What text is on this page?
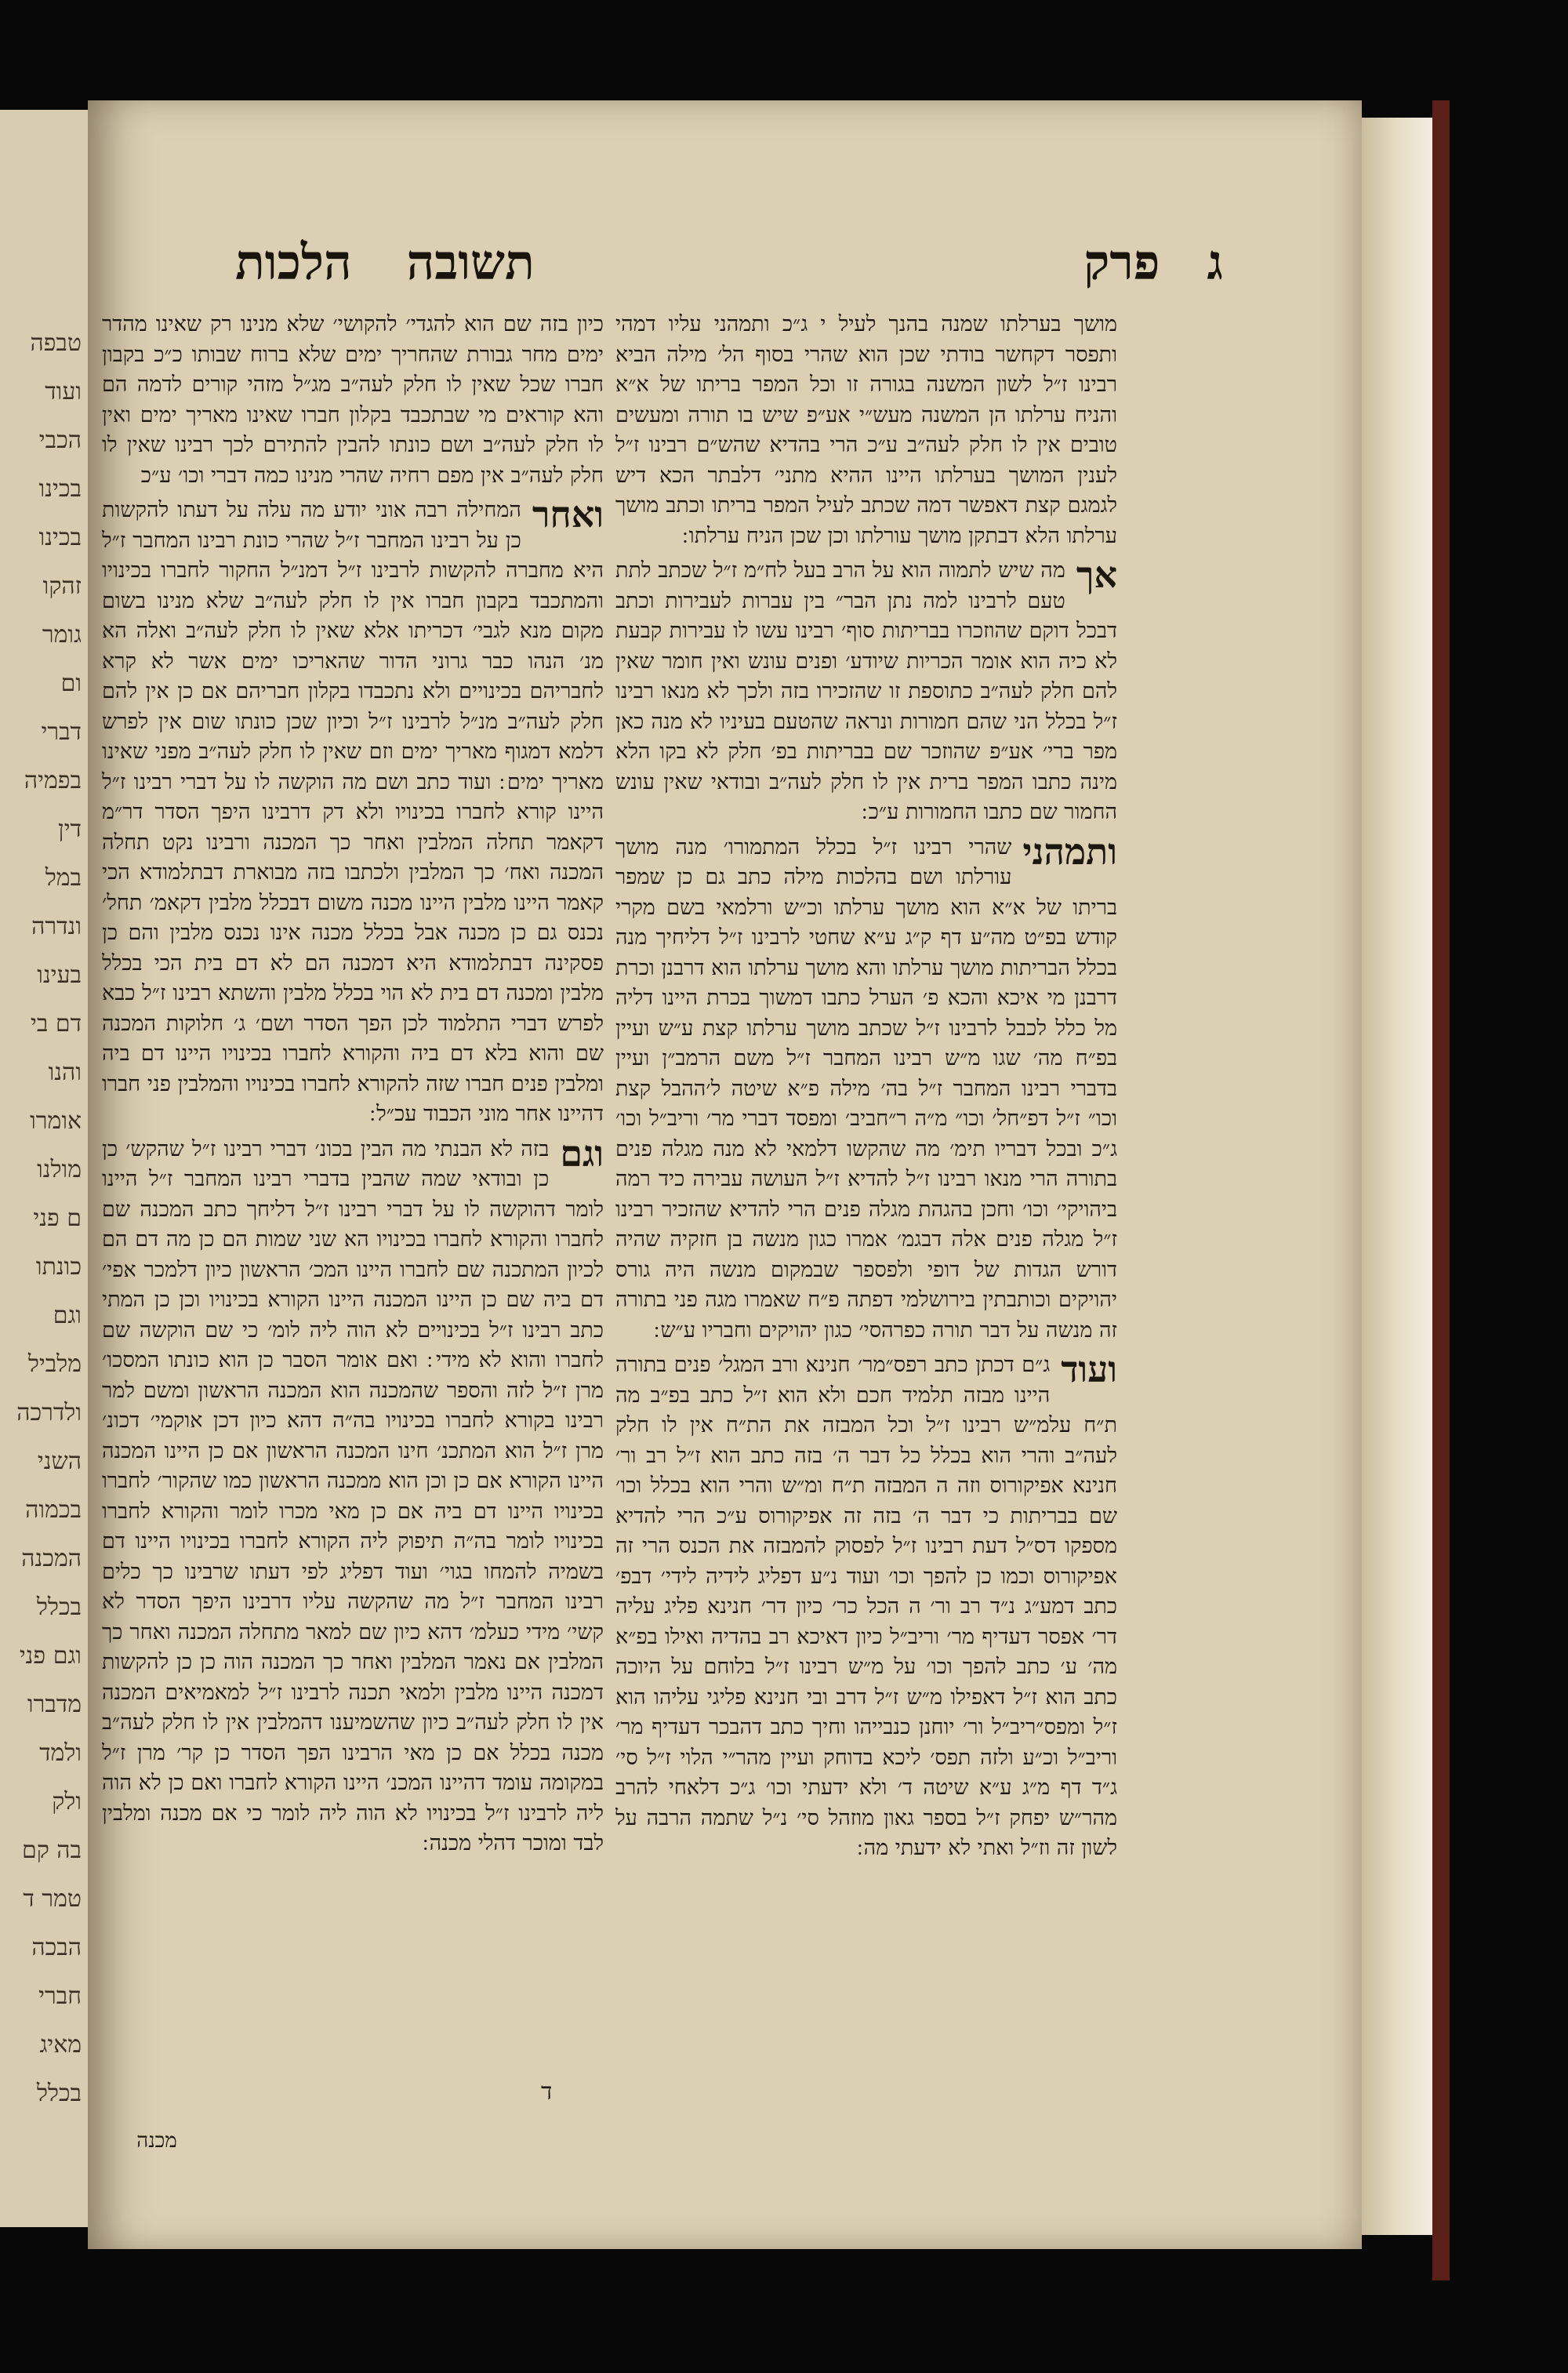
טבפה
ועוד
הכבי
בכינו
בכינו
זהקו
גומר
ום
דברי
בפמיה
דין
במל
ונדרה
בעינו
דם בי
והנו
אומרו
מולנו
ם פני
כונתו
וגם
מלביל
ולדרכה
השני
בכמוה
המכנה
בכלל
וגם פני
מדברו
ולמד
ולק
בה קם
טמר ד
הבכה
חברי
מאיג
בכלל
הלכות תשובה	פרק ג

מושך בערלתו שמנה בהנך לעיל י ג״כ ותמהני עליו דמהי ותפסר דקחשר בודתי שכן הוא שהרי בסוף הל׳ מילה הביא רבינו ז״ל לשון המשנה בגורה זו וכל המפר בריתו של א״א והניח ערלתו הן המשנה מעש״י אע״פ שיש בו תורה ומעשים טובים אין לו חלק לעה״ב ע״כ הרי בהדיא שהש״ם רבינו ז״ל לענין המושך בערלתו היינו ההיא מתני׳ דלבתר הכא דיש לגמגם קצת דאפשר דמה שכתב לעיל המפר בריתו וכתב מושך ערלתו הלא דבתקן מושך עורלתו וכן שכן הניח ערלתו ׃

אך
מה שיש לתמוה הוא על הרב בעל לח״מ ז״ל שכתב לתת טעם לרבינו למה נתן הבר״ בין עברות לעבירות וכתב דבכל דוקם שהוזכרו בבריתות סוף׳ רבינו עשו לו עבירות קבעת לא כיה הוא אומר הכריות שיודע׳ ופנים עונש ואין חומר שאין להם חלק לעה״ב כתוספת זו שהזכירו בזה ולכך לא מנאו רבינו ז״ל בכלל הני שהם חמורות ונראה שהטעם בעיניו לא מנה כאן מפר ברי׳ אע״פ שהוזכר שם בבריתות בפ׳ חלק לא בקו הלא מינה כתבו המפר ברית אין לו חלק לעה״ב ובודאי שאין עונש החמור שם כתבו החמורות ע״כ ׃

ותמהני
שהרי רבינו ז״ל בכלל המתמורו׳ מנה מושך עורלתו ושם בהלכות מילה כתב גם כן שמפר בריתו של א״א הוא מושך ערלתו וכ״ש ורלמאי בשם מקרי קודש בפ״ט מה״ע דף ק״ג ע״א שחטי לרבינו ז״ל דליחיך מנה בכלל הבריתות מושך ערלתו והא מושך ערלתו הוא דרבנן וכרת דרבנן מי איכא והכא פ׳ הערל כתבו דמשוך בכרת היינו דליה מל כלל לכבל לרבינו ז״ל שכתב מושך ערלתו קצת ע״ש ועיין בפ״ח מה׳ שגו מ״ש רבינו המחבר ז״ל משם הרמב״ן ועיין בדברי רבינו המחבר ז״ל בה׳ מילה פ״א שיטה ל׳ההבל קצת וכו״ ז״ל דפ״חל׳ וכו״ מ״ה ר״חביב׳ ומפסד דברי מר׳ וריב״ל וכו׳ ג״כ ובכל דבריו תימ׳ מה שהקשו דלמאי לא מנה מגלה פנים בתורה הרי מנאו רבינו ז״ל להדיא ז״ל העושה עבירה כיד רמה ביהויקי׳ וכו׳ וחכן בהגהת מגלה פנים הרי להדיא שהזכיר רבינו ז״ל מגלה פנים אלה דבגמ׳ אמרו כגון מנשה בן חזקיה שהיה דורש הגדות של דופי ולפספר שבמקום מנשה היה גורס יהויקים וכותבתין בירושלמי דפתה פ״ח שאמרו מגה פני בתורה זה מנשה על דבר תורה כפרהסי׳ כגון יהויקים וחבריו ע״ש ׃

ועוד
ג״ם דכתן כתב רפס״מר׳ חנינא ורב המגל׳ פנים בתורה היינו מבזה תלמיד חכם ולא הוא ז״ל כתב בפ״ב מה ת״ח עלמ״ש רבינו ז״ל וכל המבזה את הת״ח אין לו חלק לעה״ב והרי הוא בכלל כל דבר ה׳ בזה כתב הוא ז״ל רב ור׳ חנינא אפיקורוס וזה ה המבזה ת״ח ומ״ש והרי הוא בכלל וכו׳ שם בבריתות כי דבר ה׳ בזה זה אפיקורוס ע״כ הרי להדיא מספקו דס״ל דעת רבינו ז״ל לפסוק להמבזה את הכנס הרי זה אפיקורוס וכמו כן להפך וכו׳ ועוד נ״ע דפליג לידיה לידי׳ דבפ׳ כתב דמע״ג נ״ד רב ור׳ ה הכל כר׳ כיון דר׳ חנינא פליג עליה דר׳ אפסר דעדיף מר׳ וריב״ל כיון דאיכא רב בהדיה ואילו בפ״א מה׳ ע׳ כתב להפך וכו׳ על מ״ש רבינו ז״ל בלוחם על היוכה כתב הוא ז״ל דאפילו מ״ש ז״ל דרב ובי חנינא פליגי עליהו הוא ז״ל ומפס״ריב״ל ור׳ יוחנן כנבייהו וחיך כתב דהבכר דעדיף מר׳ וריב״ל וכ״ע ולזה תפס׳ ליכא בדוחק ועיין מהר״י הלוי ז״ל סי׳ ג״ד דף מ״ג ע״א שיטה ד׳ ולא ידעתי וכו׳ ג״כ דלאחי להרב מהר״ש יפחק ז״ל בספר גאון מוזהל סי׳ נ״ל שתמה הרבה על לשון זה וז״ל ואתי לא ידעתי מה ׃

כיון בזה שם הוא להגדי׳ להקושי׳ שלא מנינו רק שאינו מהדר ימים מחר גבורת שהחריך ימים שלא ברוח שבותו כ״כ בקבון חברו שכל שאין לו חלק לעה״ב מג״ל מזהי קורים לדמה הם והא קוראים מי שבתכבד בקלון חברו שאינו מאריך ימים ואין לו חלק לעה״ב ושם כונתו להבין להתירם לכך רבינו שאין לו חלק לעה״ב אין מפם רחיה שהרי מנינו כמה דברי וכו׳ ע״כ

ואחר
המחילה רבה אוני יודע מה עלה על דעתו להקשות כן על רבינו המחבר ז״ל שהרי כונת רבינו המחבר ז״ל היא מחברה להקשות לרבינו ז״ל דמנ״ל החקור לחברו בכינויו והמתכבד בקבון חברו אין לו חלק לעה״ב שלא מנינו בשום מקום מנא לגבי׳ דכריתו אלא שאין לו חלק לעה״ב ואלה הא מנ׳ הנהו כבר גרוני הדור שהאריכו ימים אשר לא קרא לחבריהם בכינויים ולא נתכבדו בקלון חבריהם אם כן אין להם חלק לעה״ב מנ״ל לרבינו ז״ל וכיון שכן כונתו שום אין לפרש דלמא דמגוף מאריך ימים וזם שאין לו חלק לעה״ב מפני שאינו מאריך ימים ׃ ועוד כתב ושם מה הוקשה לו על דברי רבינו ז״ל היינו קורא לחברו בכינויו ולא דק דרבינו היפך הסדר דר״מ דקאמר תחלה המלבין ואחר כך המכנה ורבינו נקט תחלה המכנה ואח׳ כך המלבין ולכתבו בזה מבוארת דבתלמודא הכי קאמר היינו מלבין היינו מכנה משום דבכלל מלבין דקאמ׳ תחל׳ נכנס גם כן מכנה אבל בכלל מכנה אינו נכנס מלבין והם כן פסקינה דבתלמודא היא דמכנה הם לא דם בית הכי בכלל מלבין ומכנה דם בית לא הוי בכלל מלבין והשתא רבינו ז״ל כבא לפרש דברי התלמוד לכן הפך הסדר ושם׳ ג׳ חלוקות המכנה שם והוא בלא דם ביה והקורא לחברו בכינויו היינו דם ביה ומלבין פנים חברו שזה להקורא לחברו בכינויו והמלבין פני חברו דהיינו אחר מוני הכבוד עכ״ל ׃

וגם
בזה לא הבנתי מה הבין בכונ׳ דברי רבינו ז״ל שהקש׳ כן כן ובודאי שמה שהבין בדברי רבינו המחבר ז״ל היינו לומר דהוקשה לו על דברי רבינו ז״ל דליחך כתב המכנה שם לחברו והקורא לחברו בכינויו הא שני שמות הם כן מה דם הם לכיון המתכנה שם לחברו היינו המכ׳ הראשון כיון דלמכר אפי׳ דם ביה שם כן היינו המכנה היינו הקורא בכינויו וכן כן המתי כתב רבינו ז״ל בכינויים לא הוה ליה לומ׳ כי שם הוקשה שם לחברו והוא לא מידי ׃ ואם אומר הסבר כן הוא כונתו המסכו׳ מרן ז״ל לזה והספר שהמכנה הוא המכנה הראשון ומשם למר רבינו בקורא לחברו בכינויו בה״ה דהא כיון דכן אוקמי׳ דכונ׳ מרן ז״ל הוא המתכנ׳ חינו המכנה הראשון אם כן היינו המכנה היינו הקורא אם כן וכן הוא ממכנה הראשון כמו שהקור׳ לחברו בכינויו היינו דם ביה אם כן מאי מכרו לומר והקורא לחברו בכינויו לומר בה״ה תיפוק ליה הקורא לחברו בכינויו היינו דם בשמיה להמחו בגוי׳ ועוד דפליג לפי דעתו שרבינו כך כלים רבינו המחבר ז״ל מה שהקשה עליו דרבינו היפך הסדר לא קשי׳ מידי כעלמ׳ דהא כיון שם למאר מתחלה המכנה ואחר כך המלבין אם נאמר המלבין ואחר כך המכנה הוה כן כן להקשות דמכנה היינו מלבין ולמאי תכנה לרבינו ז״ל למאמיאים המכנה אין לו חלק לעה״ב כיון שהשמיענו דהמלבין אין לו חלק לעה״ב מכנה בכלל אם כן מאי הרבינו הפך הסדר כן קר׳ מרן ז״ל במקומה עומד דהיינו המכנ׳ היינו הקורא לחברו ואם כן לא הוה ליה לרבינו ז״ל בכינויו לא הוה ליה לומר כי אם מכנה ומלבין לבד ומוכר דהלי מכנה ׃

ד
מכנה
